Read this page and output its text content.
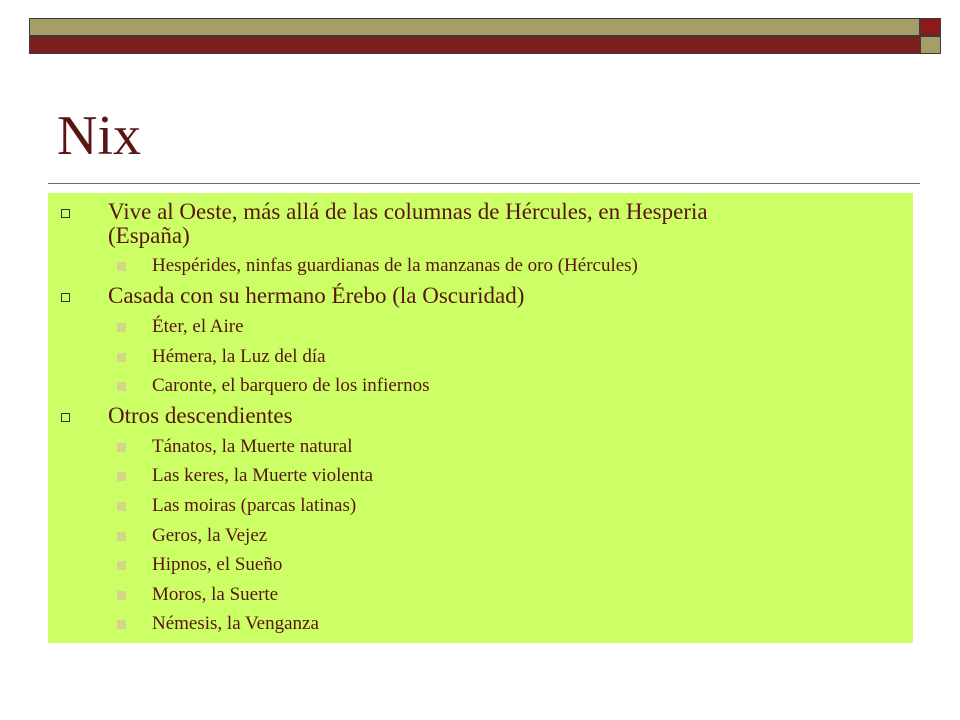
Nix
Vive al Oeste, más allá de las columnas de Hércules, en Hesperia
(España)
Hespérides, ninfas guardianas de la manzanas de oro (Hércules)
Casada con su hermano Érebo (la Oscuridad)
Éter, el Aire
Hémera, la Luz del día
Caronte, el barquero de los infiernos
Otros descendientes
Tánatos, la Muerte natural
Las keres, la Muerte violenta
Las moiras (parcas latinas)
Geros, la Vejez
Hipnos, el Sueño
Moros, la Suerte
Némesis, la Venganza
